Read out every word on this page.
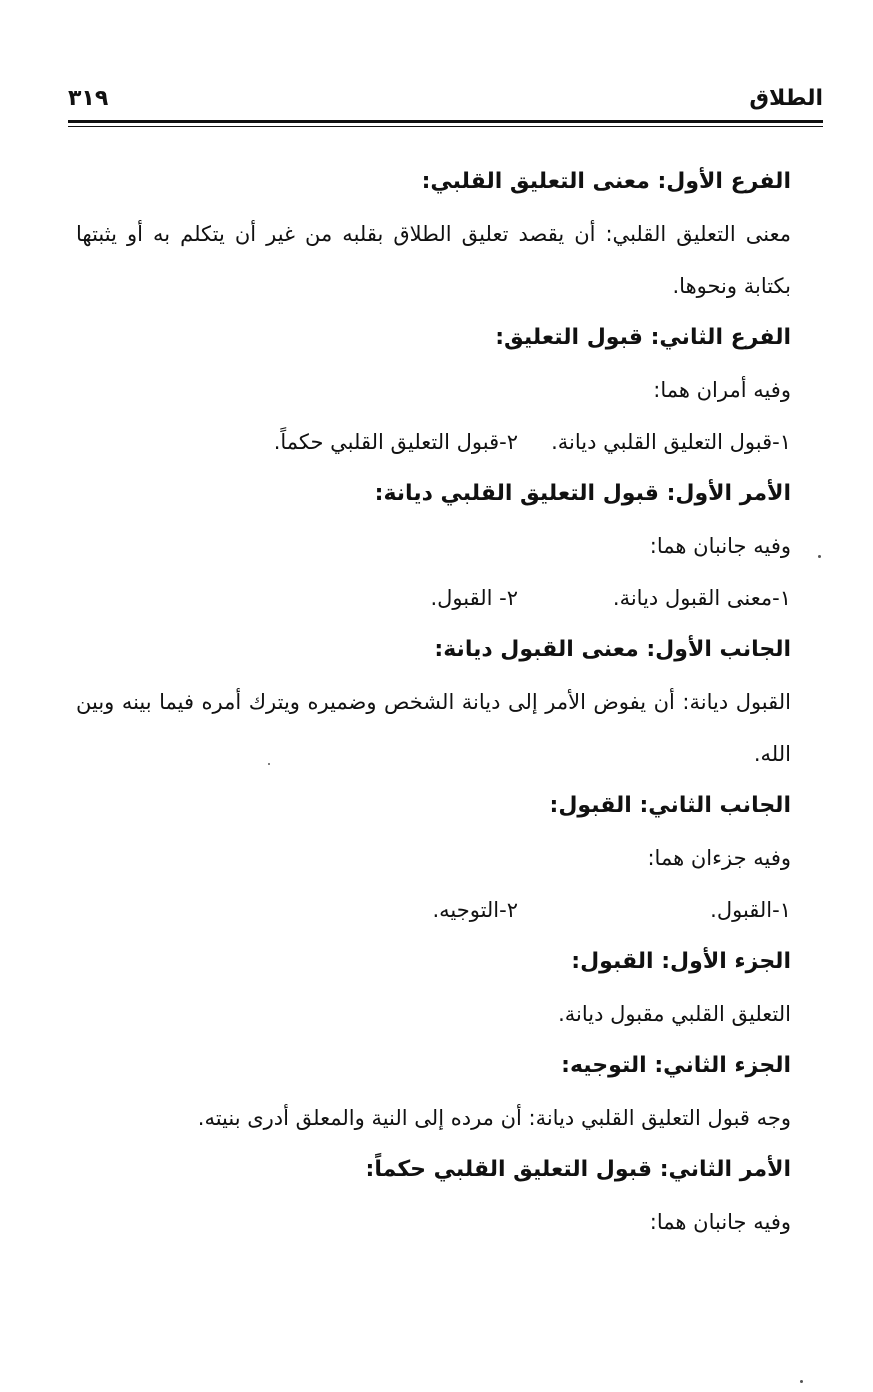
الطلاق
٣١٩
الفرع الأول: معنى التعليق القلبي:
معنى التعليق القلبي: أن يقصد تعليق الطلاق بقلبه من غير أن يتكلم به أو يثبتها بكتابة ونحوها.
الفرع الثاني: قبول التعليق:
وفيه أمران هما:
١-قبول التعليق القلبي ديانة.
٢-قبول التعليق القلبي حكماً.
الأمر الأول: قبول التعليق القلبي ديانة:
وفيه جانبان هما:
١-معنى القبول ديانة.
٢- القبول.
الجانب الأول: معنى القبول ديانة:
القبول ديانة: أن يفوض الأمر إلى ديانة الشخص وضميره ويترك أمره فيما بينه وبين الله.
الجانب الثاني: القبول:
وفيه جزءان هما:
١-القبول.
٢-التوجيه.
الجزء الأول: القبول:
التعليق القلبي مقبول ديانة.
الجزء الثاني: التوجيه:
وجه قبول التعليق القلبي ديانة: أن مرده إلى النية والمعلق أدرى بنيته.
الأمر الثاني: قبول التعليق القلبي حكماً:
وفيه جانبان هما:
